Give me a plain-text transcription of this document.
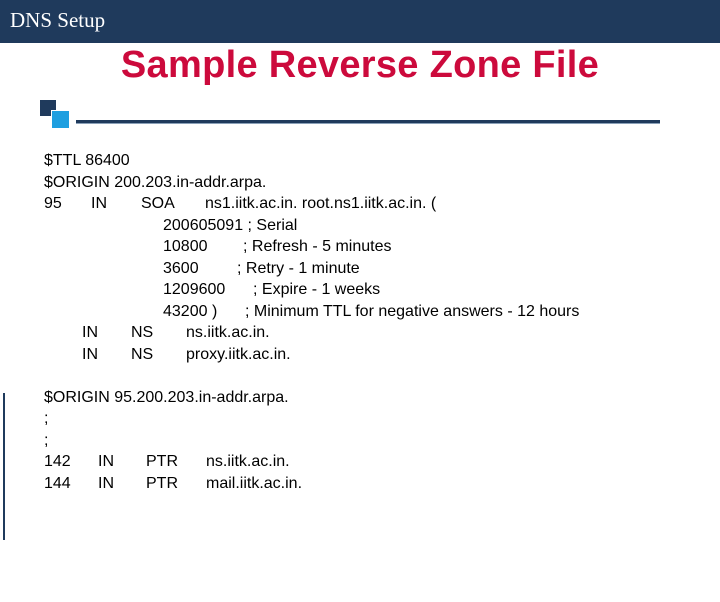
DNS Setup
Sample Reverse Zone File

$TTL 86400

$ORIGIN 200.203.in-addr.arpa.

95

IN

SOA

ns1.iitk.ac.in. root.ns1.iitk.ac.in. (

200605091 ; Serial

10800

; Refresh - 5 minutes

3600

; Retry - 1 minute

1209600

; Expire - 1 weeks

43200 )

; Minimum TTL for negative answers - 12 hours

IN

NS

ns.iitk.ac.in.

IN

NS

proxy.iitk.ac.in.

$ORIGIN 95.200.203.in-addr.arpa.

;

;

142

IN

PTR

ns.iitk.ac.in.

144

IN

PTR

mail.iitk.ac.in.
